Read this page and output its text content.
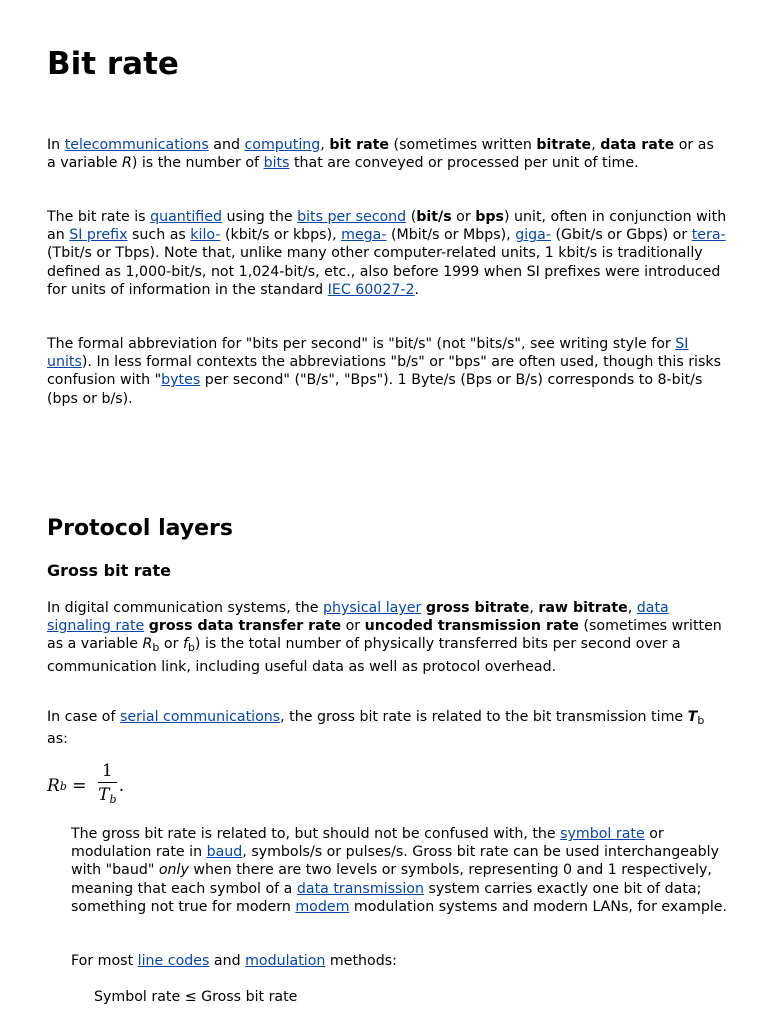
Bit rate

In telecommunications and computing, bit rate (sometimes written bitrate, data rate or as a variable R) is the number of bits that are conveyed or processed per unit of time.

The bit rate is quantified using the bits per second (bit/s or bps) unit, often in conjunction with an SI prefix such as kilo- (kbit/s or kbps), mega- (Mbit/s or Mbps), giga- (Gbit/s or Gbps) or tera- (Tbit/s or Tbps). Note that, unlike many other computer-related units, 1 kbit/s is traditionally defined as 1,000-bit/s, not 1,024-bit/s, etc., also before 1999 when SI prefixes were introduced for units of information in the standard IEC 60027-2.

The formal abbreviation for "bits per second" is "bit/s" (not "bits/s", see writing style for SI units). In less formal contexts the abbreviations "b/s" or "bps" are often used, though this risks confusion with "bytes per second" ("B/s", "Bps"). 1 Byte/s (Bps or B/s) corresponds to 8-bit/s (bps or b/s).

Protocol layers
Gross bit rate

In digital communication systems, the physical layer gross bitrate, raw bitrate, data signaling rate gross data transfer rate or uncoded transmission rate (sometimes written as a variable $R_b$ or $f_b$) is the total number of physically transferred bits per second over a communication link, including useful data as well as protocol overhead.

In case of serial communications, the gross bit rate is related to the bit transmission time $T_b$ as:

The gross bit rate is related to, but should not be confused with, the symbol rate or modulation rate in baud, symbols/s or pulses/s. Gross bit rate can be used interchangeably with "baud" only when there are two levels or symbols, representing 0 and 1 respectively, meaning that each symbol of a data transmission system carries exactly one bit of data; something not true for modern modem modulation systems and modern LANs, for example.

For most line codes and modulation methods:

R $b = \frac{1}{T_b}$ .
Symbol rate ≤ Gross bit rate
